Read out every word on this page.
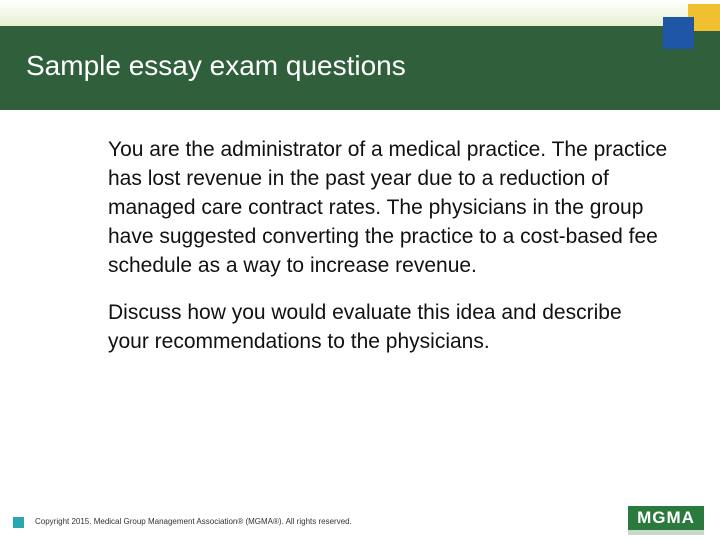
Sample essay exam questions

You are the administrator of a medical practice. The practice has lost revenue in the past year due to a reduction of managed care contract rates. The physicians in the group have suggested converting the practice to a cost-based fee schedule as a way to increase revenue.

Discuss how you would evaluate this idea and describe your recommendations to the physicians.

Copyright 2015. Medical Group Management Association® (MGMA®). All rights reserved.	MGMA
